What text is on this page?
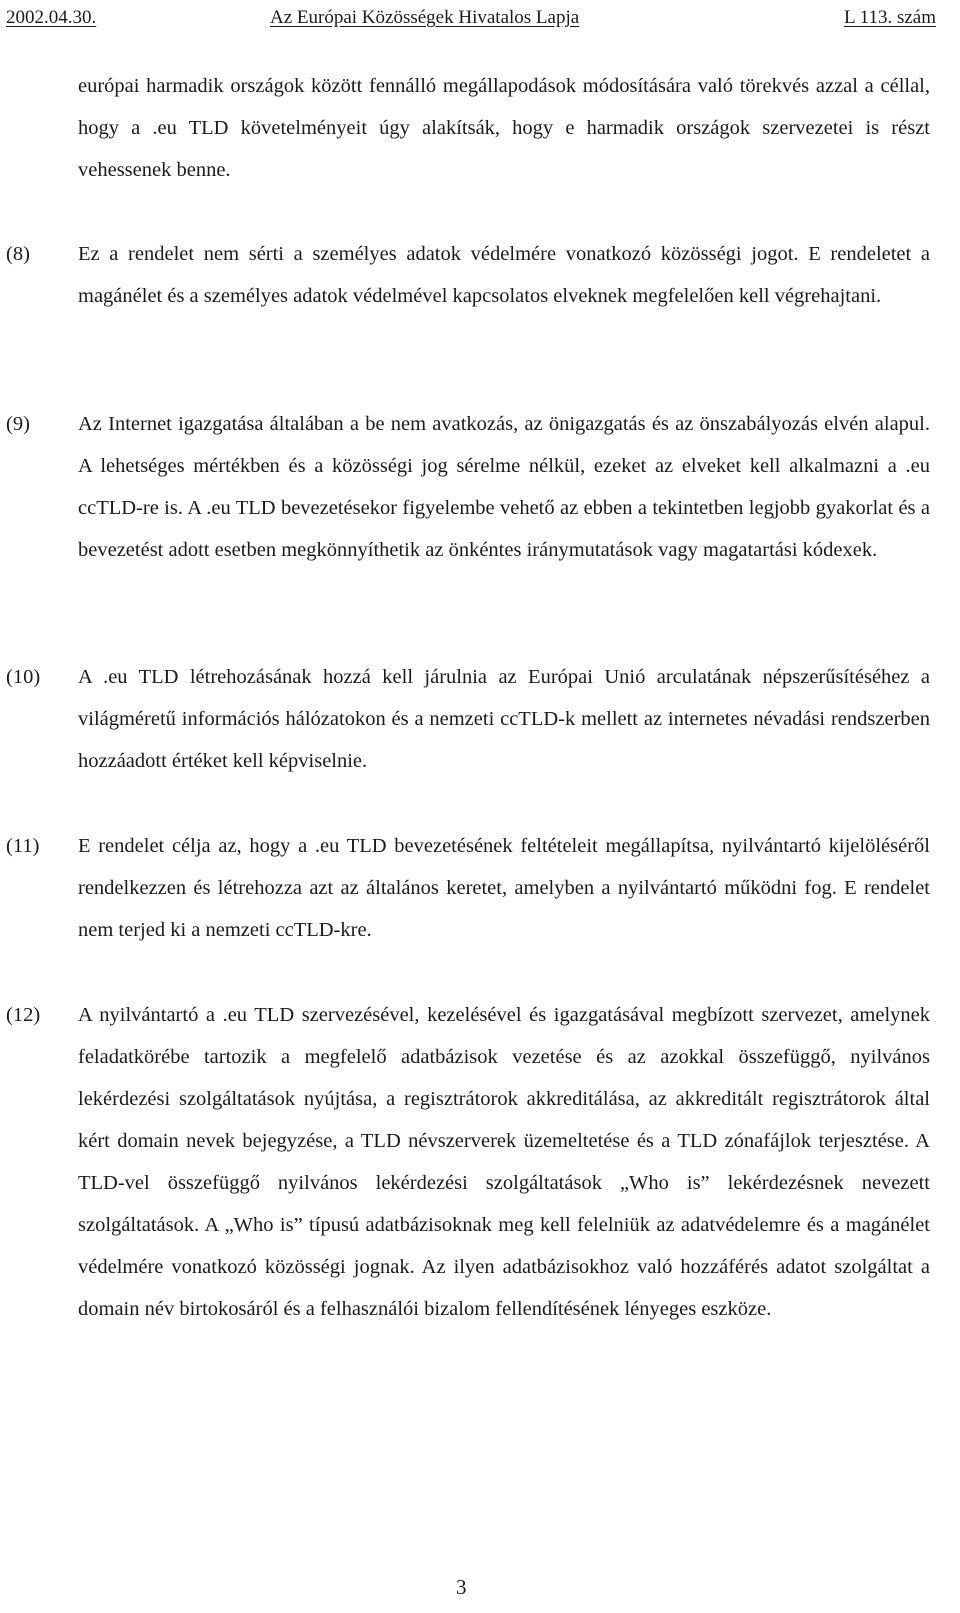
2002.04.30.	Az Európai Közösségek Hivatalos Lapja	L 113. szám

európai harmadik országok között fennálló megállapodások módosítására való törekvés azzal a céllal, hogy a .eu TLD követelményeit úgy alakítsák, hogy e harmadik országok szervezetei is részt vehessenek benne.

(8) Ez a rendelet nem sérti a személyes adatok védelmére vonatkozó közösségi jogot. E rendeletet a magánélet és a személyes adatok védelmével kapcsolatos elveknek megfelelően kell végrehajtani.

(9) Az Internet igazgatása általában a be nem avatkozás, az önigazgatás és az önszabályozás elvén alapul. A lehetséges mértékben és a közösségi jog sérelme nélkül, ezeket az elveket kell alkalmazni a .eu ccTLD-re is. A .eu TLD bevezetésekor figyelembe vehető az ebben a tekintetben legjobb gyakorlat és a bevezetést adott esetben megkönnyíthetik az önkéntes iránymutatások vagy magatartási kódexek.

(10) A .eu TLD létrehozásának hozzá kell járulnia az Európai Unió arculatának népszerűsítéséhez a világméretű információs hálózatokon és a nemzeti ccTLD-k mellett az internetes névadási rendszerben hozzáadott értéket kell képviselnie.

(11) E rendelet célja az, hogy a .eu TLD bevezetésének feltételeit megállapítsa, nyilvántartó kijelöléséről rendelkezzen és létrehozza azt az általános keretet, amelyben a nyilvántartó működni fog. E rendelet nem terjed ki a nemzeti ccTLD-kre.

(12) A nyilvántartó a .eu TLD szervezésével, kezelésével és igazgatásával megbízott szervezet, amelynek feladatkörébe tartozik a megfelelő adatbázisok vezetése és az azokkal összefüggő, nyilvános lekérdezési szolgáltatások nyújtása, a regisztrátorok akkreditálása, az akkreditált regisztrátorok által kért domain nevek bejegyzése, a TLD névszerverek üzemeltetése és a TLD zónafájlok terjesztése. A TLD-vel összefüggő nyilvános lekérdezési szolgáltatások „Who is” lekérdezésnek nevezett szolgáltatások. A „Who is” típusú adatbázisoknak meg kell felelniük az adatvédelemre és a magánélet védelmére vonatkozó közösségi jognak. Az ilyen adatbázisokhoz való hozzáférés adatot szolgáltat a domain név birtokosáról és a felhasználói bizalom fellendítésének lényeges eszköze.

3
